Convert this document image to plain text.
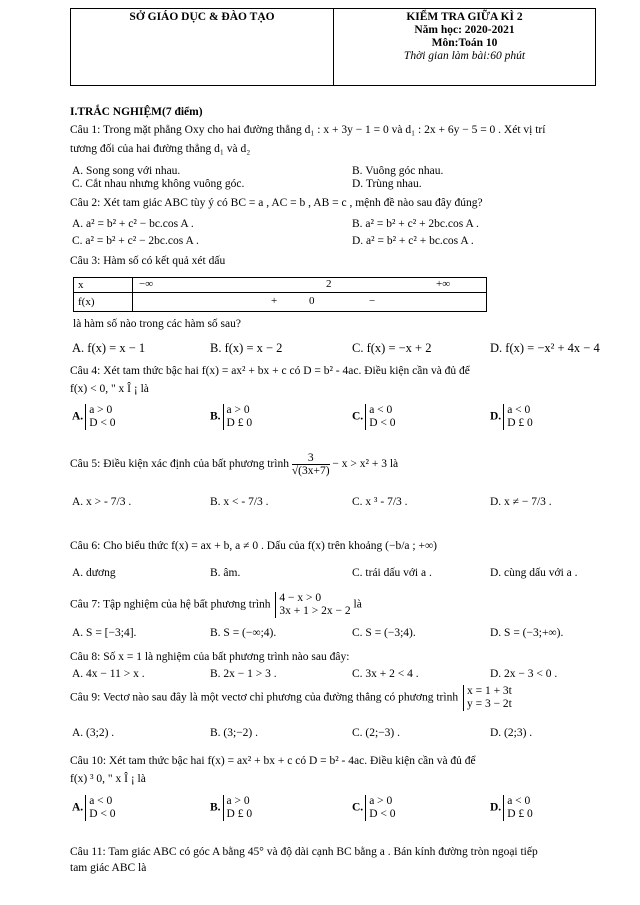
SỞ GIÁO DỤC & ĐÀO TẠO	KIỂM TRA GIỮA KÌ 2
Năm học: 2020-2021
Môn:Toán 10
Thời gian làm bài:60 phút
I.TRẮC NGHIỆM(7 điểm)
Câu 1: Trong mặt phẳng Oxy cho hai đường thẳng d₁ : x + 3y − 1 = 0 và d₁ : 2x + 6y − 5 = 0 . Xét vị trí
tương đối của hai đường thẳng d₁ và d₂
A. Song song với nhau.	B. Vuông góc nhau.
C. Cắt nhau nhưng không vuông góc.	D. Trùng nhau.
Câu 2: Xét tam giác ABC tùy ý có BC = a , AC = b , AB = c , mệnh đề nào sau đây đúng?
A. a² = b² + c² − bc.cos A .	B. a² = b² + c² + 2bc.cos A .
C. a² = b² + c² − 2bc.cos A .	D. a² = b² + c² + bc.cos A .
Câu 3: Hàm số có kết quả xét dấu
x	−∞ 2 +∞

f(x)	+ 0 −
là hàm số nào trong các hàm số sau?
A. f(x) = x − 1	B. f(x) = x − 2	C. f(x) = −x + 2	D. f(x) = −x² + 4x − 4
Câu 4: Xét tam thức bậc hai f(x) = ax² + bx + c có D = b² - 4ac. Điều kiện cần và đủ để
f(x) < 0, " x Î ¡ là
A.
a > 0
D < 0
B.
a > 0
D £ 0
C.
a < 0
D < 0
D.
a < 0
D £ 0
Câu 5: Điều kiện xác định của bất phương trình $\frac{3}{√(3x+7)} - x > x^2 + 3$ là
A. x > - 7/3 .	B. x < - 7/3 .	C. x ³ - 7/3 .	D. x ≠ − 7/3 .
Câu 6: Cho biểu thức f(x) = ax + b, a ≠ 0 . Dấu của f(x) trên khoảng (−b/a ; +∞)
A. dương	B. âm.	C. trái dấu với a .	D. cùng dấu với a .
Câu 7: Tập nghiệm của hệ bất phương trình
4 − x > 0
3x + 1 > 2x − 2
là
A. S = [−3;4].	B. S = (−∞;4).	C. S = (−3;4).	D. S = (−3;+∞).
Câu 8: Số x = 1 là nghiệm của bất phương trình nào sau đây:
A. 4x − 11 > x .	B. 2x − 1 > 3 .	C. 3x + 2 < 4 .	D. 2x − 3 < 0 .
Câu 9: Vectơ nào sau đây là một vectơ chỉ phương của đường thẳng có phương trình
x = 1 + 3t
y = 3 − 2t
A. (3;2) .	B. (3;−2) .	C. (2;−3) .	D. (2;3) .
Câu 10: Xét tam thức bậc hai f(x) = ax² + bx + c có D = b² - 4ac. Điều kiện cần và đủ để
f(x) ³ 0, " x Î ¡ là
A.
a < 0
D < 0
B.
a > 0
D £ 0
C.
a > 0
D < 0
D.
a < 0
D £ 0
Câu 11: Tam giác ABC có góc A bằng 45° và độ dài cạnh BC bằng a . Bán kính đường tròn ngoại tiếp
tam giác ABC là
